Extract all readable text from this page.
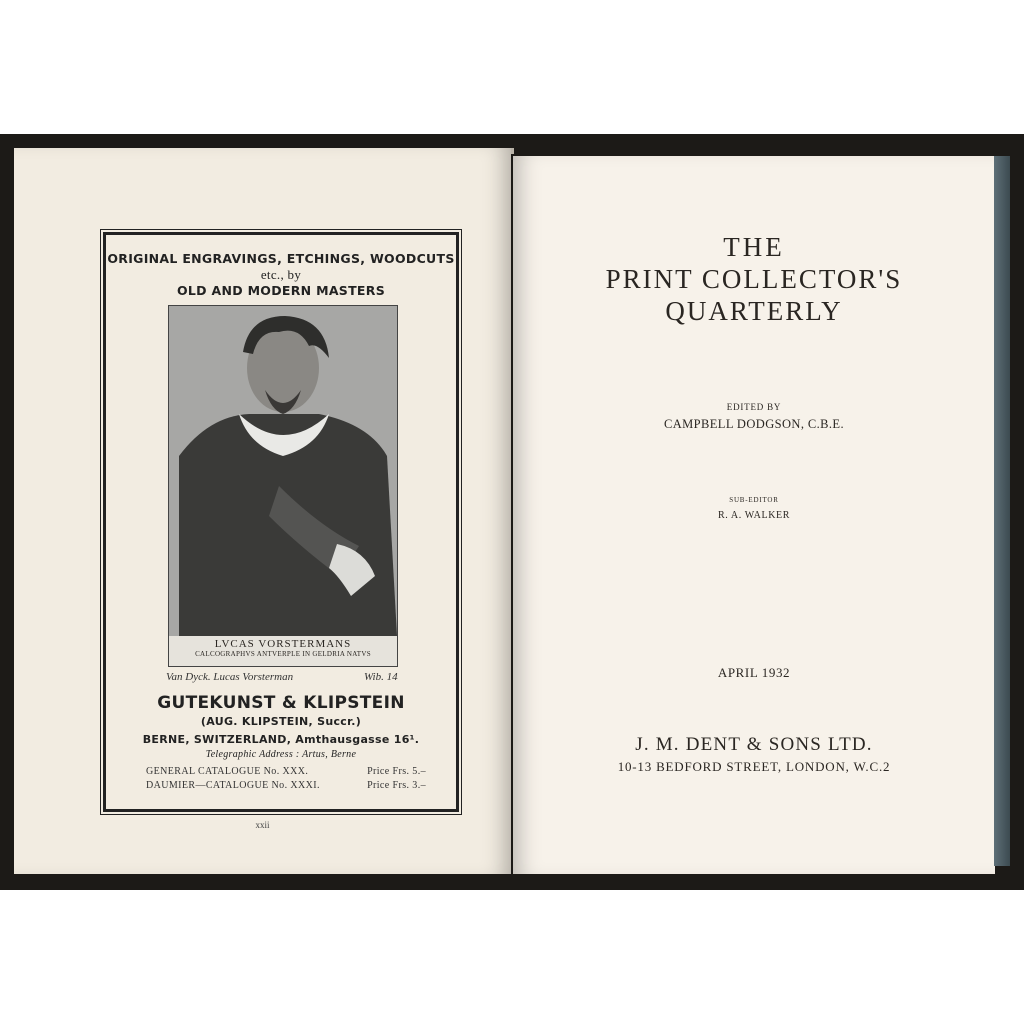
ORIGINAL ENGRAVINGS, ETCHINGS, WOODCUTS
etc., by
OLD AND MODERN MASTERS
LVCAS VORSTERMANS
CALCOGRAPHVS ANTVERPLE IN GELDRIA NATVS
Van Dyck. Lucas Vorsterman	Wib. 14
GUTEKUNST & KLIPSTEIN
(AUG. KLIPSTEIN, Succr.)
BERNE, SWITZERLAND, Amthausgasse 16¹.
Telegraphic Address : Artus, Berne
GENERAL CATALOGUE No. XXX.	Price Frs. 5.–
DAUMIER—CATALOGUE No. XXXI.	Price Frs. 3.–
xxii
THE
PRINT COLLECTOR'S
QUARTERLY
EDITED BY
CAMPBELL DODGSON, C.B.E.
SUB-EDITOR
R. A. WALKER
APRIL 1932
J. M. DENT & SONS LTD.
10-13 BEDFORD STREET, LONDON, W.C.2
